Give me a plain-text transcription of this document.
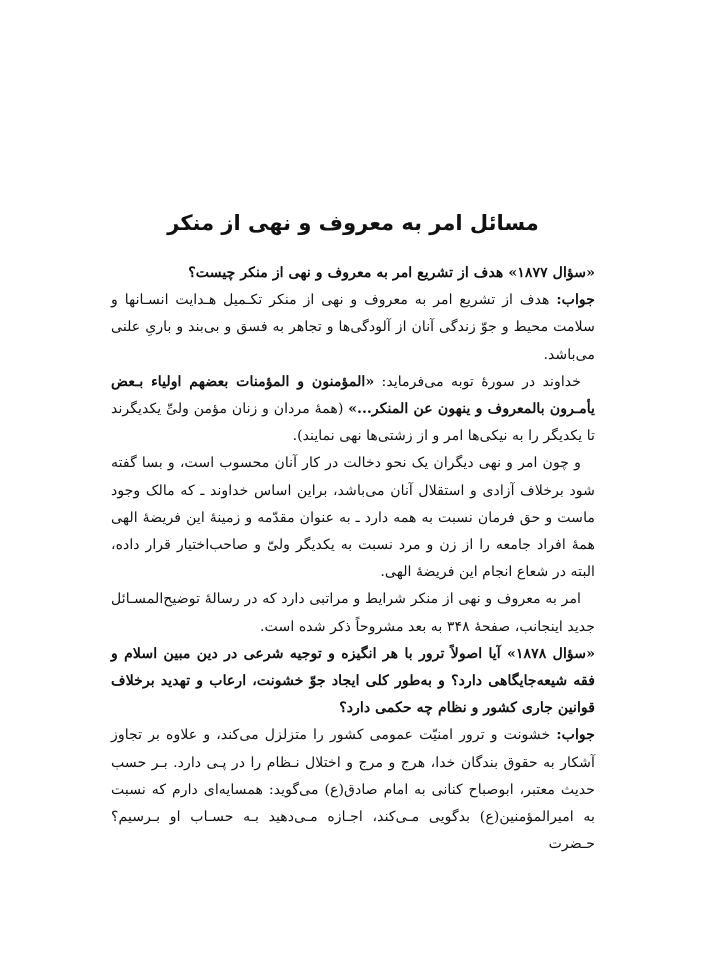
مسائل امر به معروف و نهی از منکر

«سؤال ۱۸۷۷» هدف از تشریع امر به معروف و نهی از منکر چیست؟

جواب: هدف از تشریع امر به معروف و نهی از منکر تکـمیل هـدایت انسـانها و سلامت محیط و جوّ زندگی آنان از آلودگی‌ها و تجاهر به فسق و بی‌بند و باریِ علنی می‌باشد.

خداوند در سورهٔ توبه می‌فرماید: «المؤمنون و المؤمنات بعضهم اولیاء بـعض یأمـرون بالمعروف و ینهون عن المنکر...» (همهٔ مردان و زنان مؤمن ولیِّ یکدیگرند تا یکدیگر را به نیکی‌ها امر و از زشتی‌ها نهی نمایند).

و چون امر و نهی دیگران یک نحو دخالت در کار آنان محسوب است، و بسا گفته شود برخلاف آزادی و استقلال آنان می‌باشد، براین اساس خداوند ـ که مالک وجود ماست و حق فرمان نسبت به همه دارد ـ به عنوان مقدّمه و زمینهٔ این فریضهٔ الهی همهٔ افراد جامعه را از زن و مرد نسبت به یکدیگر ولیّ و صاحب‌اختیار قرار داده، البته در شعاع انجام این فریضهٔ الهی.

امر به معروف و نهی از منکر شرایط و مراتبی دارد که در رسالهٔ توضیح‌المسـائل جدید اینجانب، صفحهٔ ۳۴۸ به بعد مشروحاً ذکر شده است.

«سؤال ۱۸۷۸» آیا اصولاً ترور با هر انگیزه و توجیه شرعی در دین مبین اسلام و فقه شیعه‌جایگاهی دارد؟ و به‌طور کلی ایجاد جوّ خشونت، ارعاب و تهدید برخلاف قوانین جاری کشور و نظام چه حکمی دارد؟

جواب: خشونت و ترور امنیّت عمومی کشور را متزلزل می‌کند، و علاوه بر تجاوز آشکار به حقوق بندگان خدا، هرج و مرج و اختلال نـظام را در پـی دارد. بـر حسب حدیث معتبر، ابوصباح کنانی به امام صادق(ع) می‌گوید: همسایه‌ای دارم که نسبت به امیرالمؤمنین(ع) بدگویی مـی‌کند، اجـازه مـی‌دهید بـه حسـاب او بـرسیم؟ حـضرت
